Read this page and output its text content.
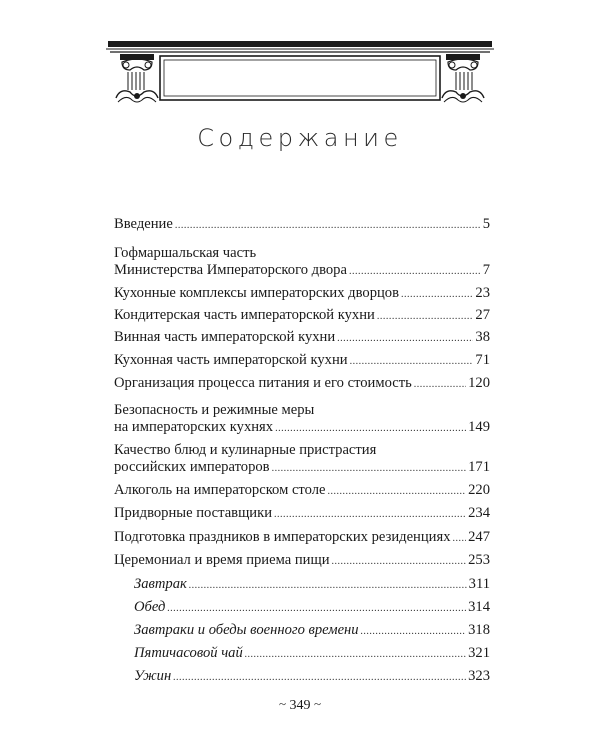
Содержание
Введение .....	5
Гофмаршальская часть
Министерства Императорского двора .....	7
Кухонные комплексы императорских дворцов .....	23
Кондитерская часть императорской кухни .....	27
Винная часть императорской кухни .....	38
Кухонная часть императорской кухни .....	71
Организация процесса питания и его стоимость .....	120
Безопасность и режимные меры
на императорских кухнях .....	149
Качество блюд и кулинарные пристрастия
российских императоров .....	171
Алкоголь на императорском столе .....	220
Придворные поставщики .....	234
Подготовка праздников в императорских резиденциях ..... 247
Церемониал и время приема пищи .....	253
Завтрак .....	311
Обед .....	314
Завтраки и обеды военного времени .....	318
Пятичасовой чай .....	321
Ужин .....	323
~ 349 ~
